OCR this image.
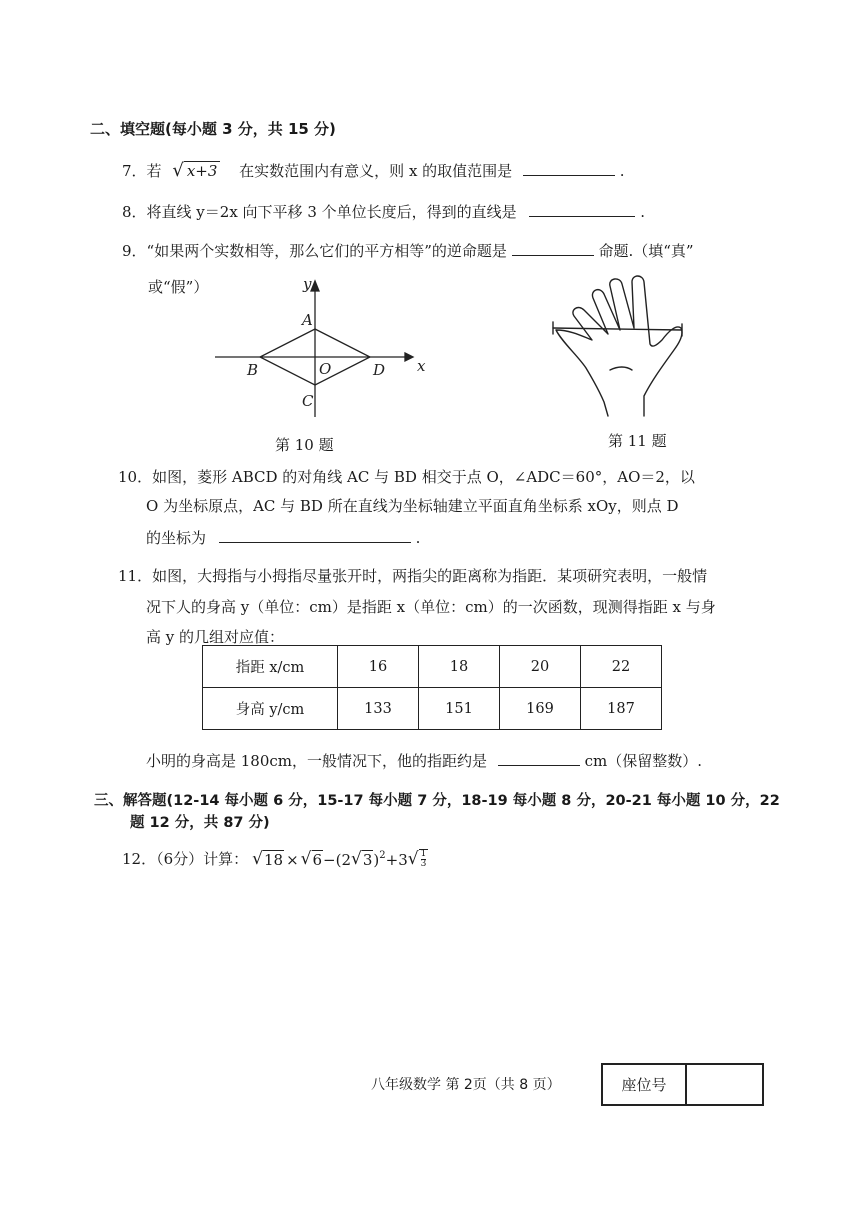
二、填空题(每小题 3 分，共 15 分)
7．若 √ x+3 在实数范围内有意义，则 x 的取值范围是	.
8．将直线 y＝2x 向下平移 3 个单位长度后，得到的直线是	.
9．“如果两个实数相等，那么它们的平方相等”的逆命题是	命题.（填“真”
或“假”）	y
x
A
B
C
D
O
第 10 题	第 11 题
10．如图，菱形 ABCD 的对角线 AC 与 BD 相交于点 O，∠ADC＝60°，AO＝2，以
O 为坐标原点，AC 与 BD 所在直线为坐标轴建立平面直角坐标系 xOy，则点 D
的坐标为	.
11．如图，大拇指与小拇指尽量张开时，两指尖的距离称为指距．某项研究表明，一般情
况下人的身高 y（单位：cm）是指距 x（单位：cm）的一次函数，现测得指距 x 与身
高 y 的几组对应值：
指距 x/cm	16	18	20	22
身高 y/cm	133	151	169	187
小明的身高是 180cm，一般情况下，他的指距约是	cm（保留整数）.
三、解答题(12-14 每小题 6 分，15-17 每小题 7 分，18-19 每小题 8 分，20-21 每小题 10 分，22
题 12 分，共 87 分)
12．（6分）计算： √ 18 × √ 6 −(2 √ 3 )$^2$ +3 √ $\frac{1}{3}$
八年级数学 第 2页（共 8 页）	座位号
